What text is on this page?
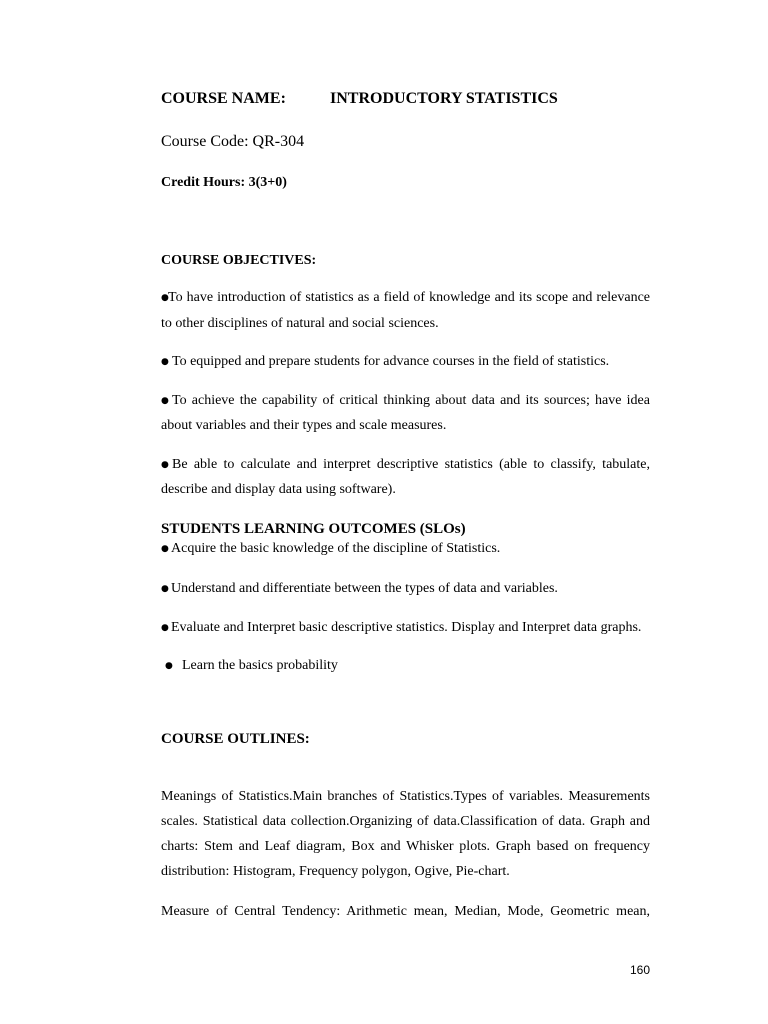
COURSE NAME:	INTRODUCTORY STATISTICS
Course Code: QR-304
Credit Hours: 3(3+0)
COURSE OBJECTIVES:
●To have introduction of statistics as a field of knowledge and its scope and relevance
to other disciplines of natural and social sciences.
● To equipped and prepare students for advance courses in the field of statistics.
● To achieve the capability of critical thinking about data and its sources; have idea
about variables and their types and scale measures.
● Be able to calculate and interpret descriptive statistics (able to classify, tabulate,
describe and display data using software).
STUDENTS LEARNING OUTCOMES (SLOs)
● Acquire the basic knowledge of the discipline of Statistics.
● Understand and differentiate between the types of data and variables.
● Evaluate and Interpret basic descriptive statistics. Display and Interpret data graphs.
● Learn the basics probability
COURSE OUTLINES:
Meanings of Statistics.Main branches of Statistics.Types of variables. Measurements
scales. Statistical data collection.Organizing of data.Classification of data. Graph and
charts: Stem and Leaf diagram, Box and Whisker plots. Graph based on frequency
distribution: Histogram, Frequency polygon, Ogive, Pie-chart.
Measure of Central Tendency: Arithmetic mean, Median, Mode, Geometric mean,
160
